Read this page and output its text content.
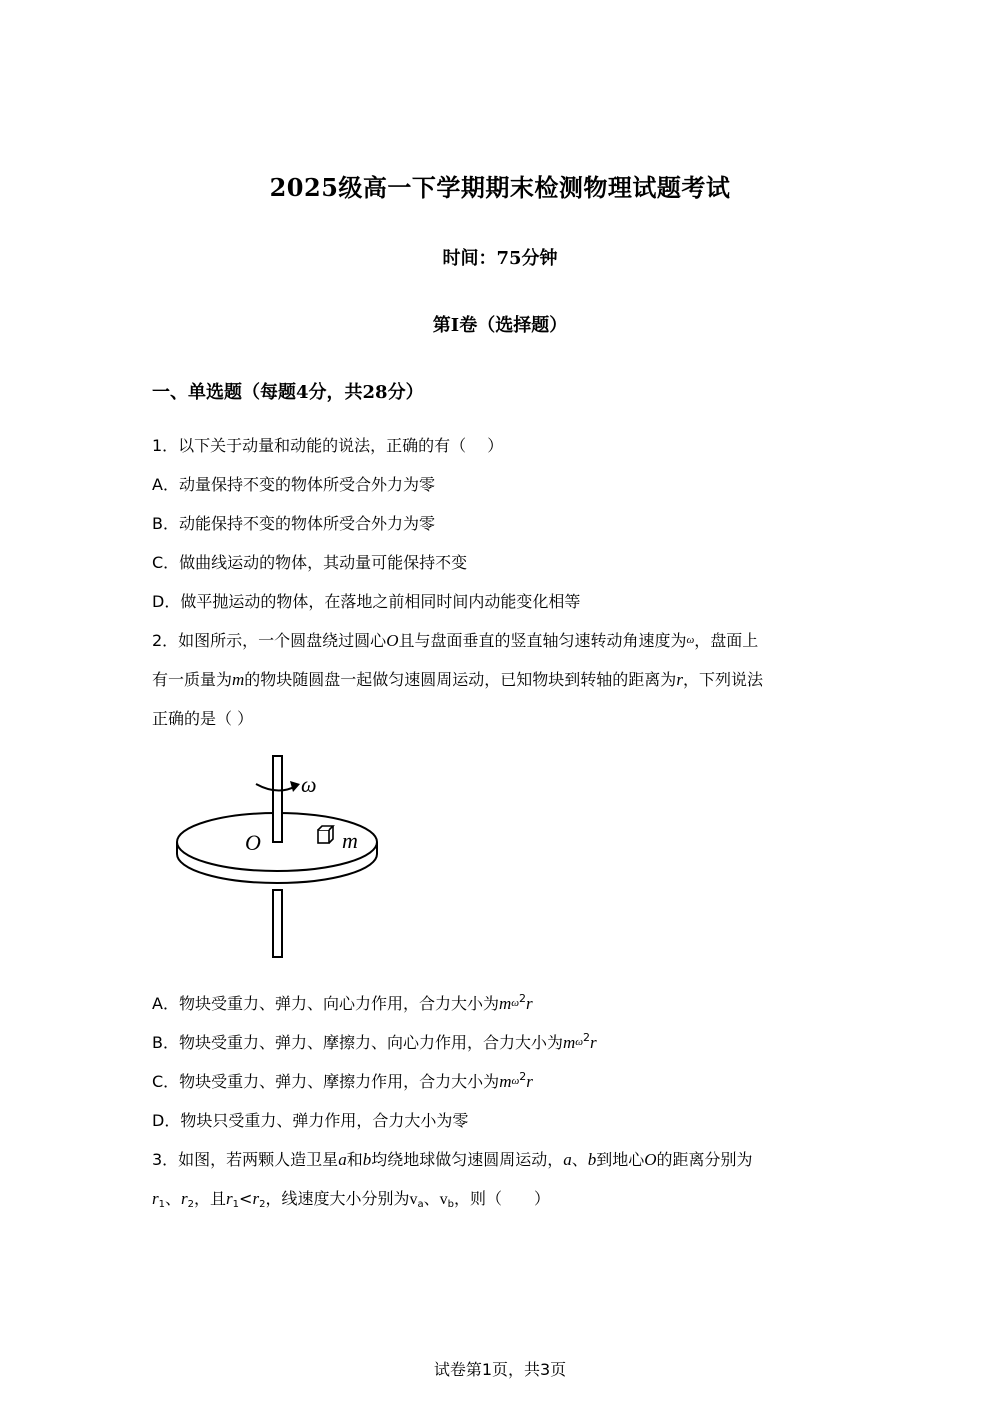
2025级高一下学期期末检测物理试题考试
时间：75分钟
第I卷（选择题）
一、单选题（每题4分，共28分）
1．以下关于动量和动能的说法，正确的有（　 ）
A．动量保持不变的物体所受合外力为零
B．动能保持不变的物体所受合外力为零
C．做曲线运动的物体，其动量可能保持不变
D．做平抛运动的物体，在落地之前相同时间内动能变化相等
2．如图所示，一个圆盘绕过圆心O且与盘面垂直的竖直轴匀速转动角速度为ω，盘面上
有一质量为m的物块随圆盘一起做匀速圆周运动，已知物块到转轴的距离为r，下列说法
正确的是（ ）
ω
O	m
A．物块受重力、弹力、向心力作用，合力大小为$m\omega^2r$
B．物块受重力、弹力、摩擦力、向心力作用，合力大小为$m\omega^2r$
C．物块受重力、弹力、摩擦力作用，合力大小为$m\omega^2r$
D．物块只受重力、弹力作用，合力大小为零
3．如图，若两颗人造卫星a和b均绕地球做匀速圆周运动，a、b到地心O的距离分别为
$r_1$、$r_2$，且$r_1<r_2$，线速度大小分别为$v_a$、$v_b$，则（　　）
试卷第1页，共3页
